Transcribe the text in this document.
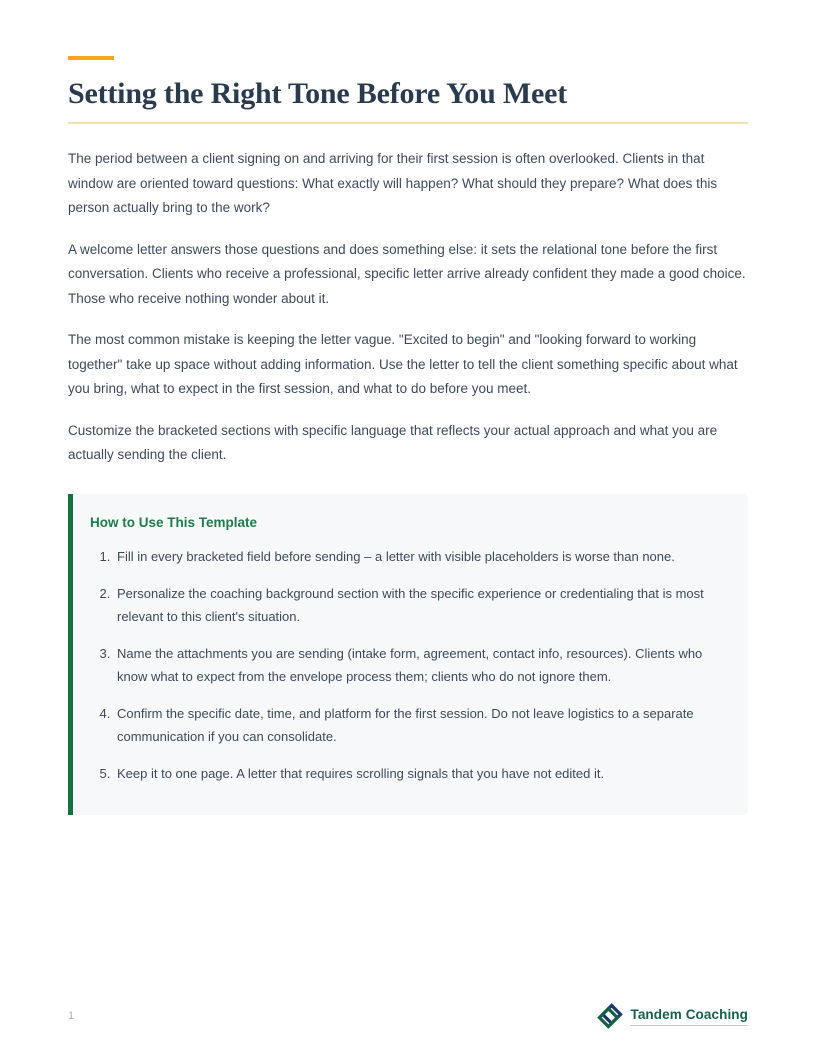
Setting the Right Tone Before You Meet

The period between a client signing on and arriving for their first session is often overlooked. Clients in that window are oriented toward questions: What exactly will happen? What should they prepare? What does this person actually bring to the work?

A welcome letter answers those questions and does something else: it sets the relational tone before the first conversation. Clients who receive a professional, specific letter arrive already confident they made a good choice. Those who receive nothing wonder about it.

The most common mistake is keeping the letter vague. "Excited to begin" and "looking forward to working together" take up space without adding information. Use the letter to tell the client something specific about what you bring, what to expect in the first session, and what to do before you meet.

Customize the bracketed sections with specific language that reflects your actual approach and what you are actually sending the client.

How to Use This Template
1. Fill in every bracketed field before sending – a letter with visible placeholders is worse than none.
2. Personalize the coaching background section with the specific experience or credentialing that is most relevant to this client's situation.
3. Name the attachments you are sending (intake form, agreement, contact info, resources). Clients who know what to expect from the envelope process them; clients who do not ignore them.
4. Confirm the specific date, time, and platform for the first session. Do not leave logistics to a separate communication if you can consolidate.
5. Keep it to one page. A letter that requires scrolling signals that you have not edited it.
1	Tandem Coaching
